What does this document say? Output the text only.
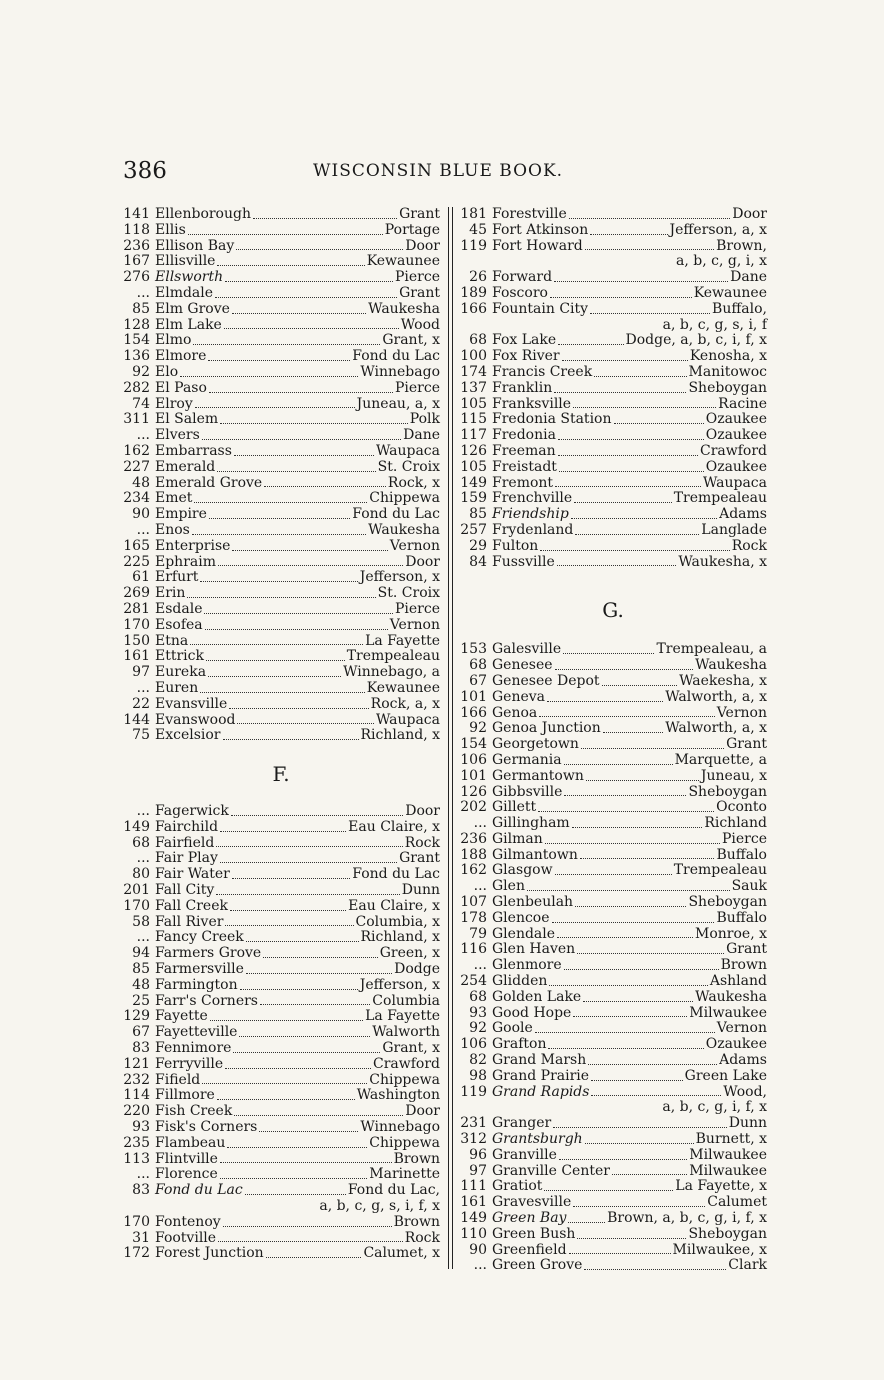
386	WISCONSIN BLUE BOOK.
141 Ellenborough	Grant
118 Ellis	Portage
236 Ellison Bay	Door
167 Ellisville	Kewaunee
276 Ellsworth	Pierce
... Elmdale	Grant
85 Elm Grove	Waukesha
128 Elm Lake	Wood
154 Elmo	Grant, x
136 Elmore	Fond du Lac
92 Elo	Winnebago
282 El Paso	Pierce
74 Elroy	Juneau, a, x
311 El Salem	Polk
... Elvers	Dane
162 Embarrass	Waupaca
227 Emerald	St. Croix
48 Emerald Grove	Rock, x
234 Emet	Chippewa
90 Empire	Fond du Lac
... Enos	Waukesha
165 Enterprise	Vernon
225 Ephraim	Door
61 Erfurt	Jefferson, x
269 Erin	St. Croix
281 Esdale	Pierce
170 Esofea	Vernon
150 Etna	La Fayette
161 Ettrick	Trempealeau
97 Eureka	Winnebago, a
... Euren	Kewaunee
22 Evansville	Rock, a, x
144 Evanswood	Waupaca
75 Excelsior	Richland, x
F.
... Fagerwick	Door
149 Fairchild	Eau Claire, x
68 Fairfield	Rock
... Fair Play	Grant
80 Fair Water	Fond du Lac
201 Fall City	Dunn
170 Fall Creek	Eau Claire, x
58 Fall River	Columbia, x
... Fancy Creek	Richland, x
94 Farmers Grove	Green, x
85 Farmersville	Dodge
48 Farmington	Jefferson, x
25 Farr's Corners	Columbia
129 Fayette	La Fayette
67 Fayetteville	Walworth
83 Fennimore	Grant, x
121 Ferryville	Crawford
232 Fifield	Chippewa
114 Fillmore	Washington
220 Fish Creek	Door
93 Fisk's Corners	Winnebago
235 Flambeau	Chippewa
113 Flintville	Brown
... Florence	Marinette
83 Fond du Lac	Fond du Lac,
a, b, c, g, s, i, f, x
170 Fontenoy	Brown
31 Footville	Rock
172 Forest Junction	Calumet, x
181 Forestville	Door
45 Fort Atkinson	Jefferson, a, x
119 Fort Howard	Brown,
a, b, c, g, i, x
26 Forward	Dane
189 Foscoro	Kewaunee
166 Fountain City	Buffalo,
a, b, c, g, s, i, f
68 Fox Lake	Dodge, a, b, c, i, f, x
100 Fox River	Kenosha, x
174 Francis Creek	Manitowoc
137 Franklin	Sheboygan
105 Franksville	Racine
115 Fredonia Station	Ozaukee
117 Fredonia	Ozaukee
126 Freeman	Crawford
105 Freistadt	Ozaukee
149 Fremont	Waupaca
159 Frenchville	Trempealeau
85 Friendship	Adams
257 Frydenland	Langlade
29 Fulton	Rock
84 Fussville	Waukesha, x
G.
153 Galesville	Trempealeau, a
68 Genesee	Waukesha
67 Genesee Depot	Waekesha, x
101 Geneva	Walworth, a, x
166 Genoa	Vernon
92 Genoa Junction	Walworth, a, x
154 Georgetown	Grant
106 Germania	Marquette, a
101 Germantown	Juneau, x
126 Gibbsville	Sheboygan
202 Gillett	Oconto
... Gillingham	Richland
236 Gilman	Pierce
188 Gilmantown	Buffalo
162 Glasgow	Trempealeau
... Glen	Sauk
107 Glenbeulah	Sheboygan
178 Glencoe	Buffalo
79 Glendale	Monroe, x
116 Glen Haven	Grant
... Glenmore	Brown
254 Glidden	Ashland
68 Golden Lake	Waukesha
93 Good Hope	Milwaukee
92 Goole	Vernon
106 Grafton	Ozaukee
82 Grand Marsh	Adams
98 Grand Prairie	Green Lake
119 Grand Rapids	Wood,
a, b, c, g, i, f, x
231 Granger	Dunn
312 Grantsburgh	Burnett, x
96 Granville	Milwaukee
97 Granville Center	Milwaukee
111 Gratiot	La Fayette, x
161 Gravesville	Calumet
149 Green Bay	Brown, a, b, c, g, i, f, x
110 Green Bush	Sheboygan
90 Greenfield	Milwaukee, x
... Green Grove	Clark
